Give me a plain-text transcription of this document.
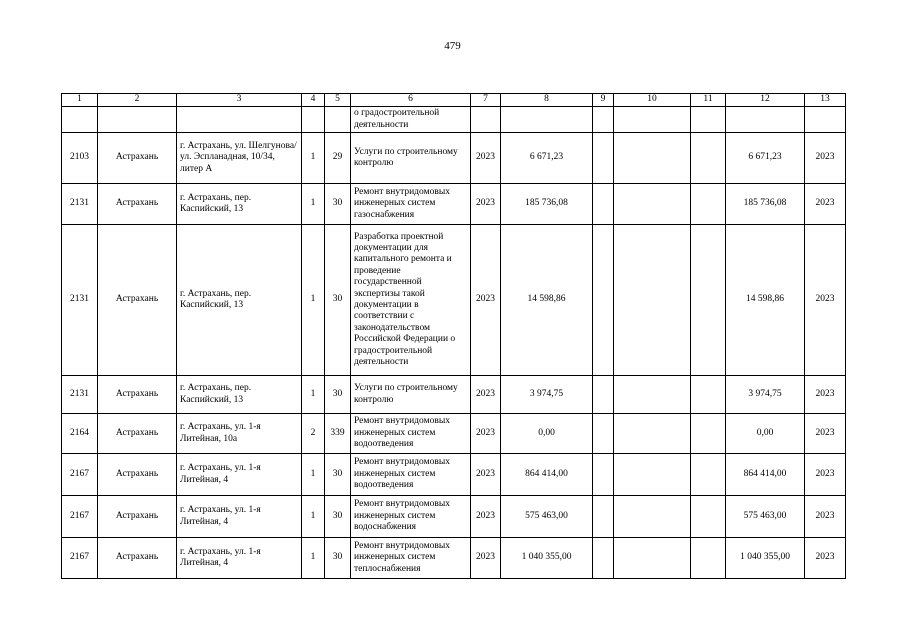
479
1	2	3	4	5	6	7	8	9	10	11	12	13
					о градостроительной деятельности							
2103	Астрахань	г. Астрахань, ул. Шелгунова/ ул. Эспланадная, 10/34, литер А	1	29	Услуги по строительному контролю	2023	6 671,23				6 671,23	2023
2131	Астрахань	г. Астрахань, пер. Каспийский, 13	1	30	Ремонт внутридомовых инженерных систем газоснабжения	2023	185 736,08				185 736,08	2023
2131	Астрахань	г. Астрахань, пер. Каспийский, 13	1	30	Разработка проектной документации для капитального ремонта и проведение государственной экспертизы такой документации в соответствии с законодательством Российской Федерации о градостроительной деятельности	2023	14 598,86				14 598,86	2023
2131	Астрахань	г. Астрахань, пер. Каспийский, 13	1	30	Услуги по строительному контролю	2023	3 974,75				3 974,75	2023
2164	Астрахань	г. Астрахань, ул. 1-я Литейная, 10а	2	339	Ремонт внутридомовых инженерных систем водоотведения	2023	0,00				0,00	2023
2167	Астрахань	г. Астрахань, ул. 1-я Литейная, 4	1	30	Ремонт внутридомовых инженерных систем водоотведения	2023	864 414,00				864 414,00	2023
2167	Астрахань	г. Астрахань, ул. 1-я Литейная, 4	1	30	Ремонт внутридомовых инженерных систем водоснабжения	2023	575 463,00				575 463,00	2023
2167	Астрахань	г. Астрахань, ул. 1-я Литейная, 4	1	30	Ремонт внутридомовых инженерных систем теплоснабжения	2023	1 040 355,00				1 040 355,00	2023
